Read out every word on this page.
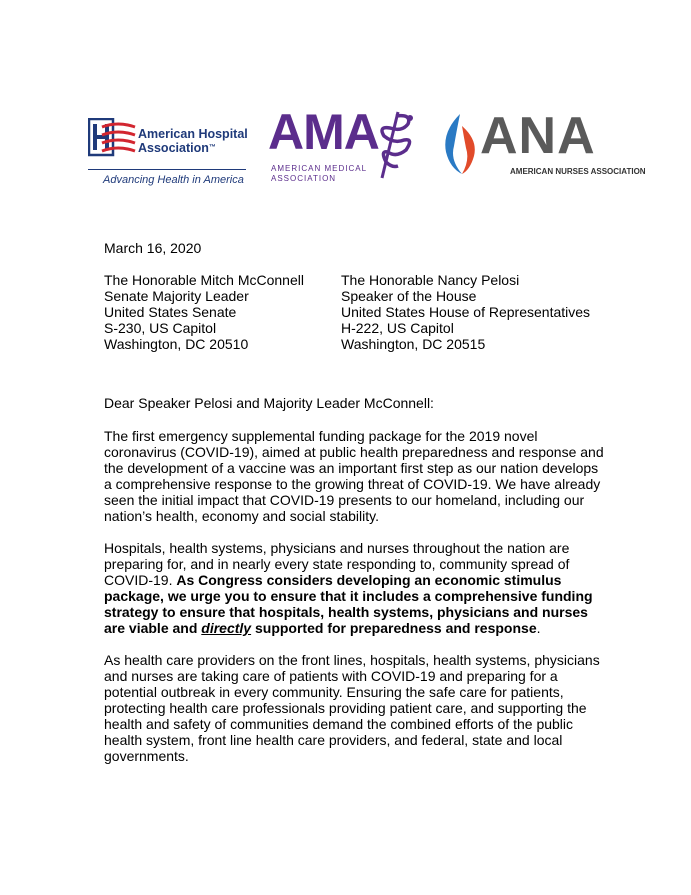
American Hospital
Association™
Advancing Health in America
AMA
AMERICAN MEDICAL
ASSOCIATION
ANA
AMERICAN NURSES ASSOCIATION
March 16, 2020
The Honorable Mitch McConnell
Senate Majority Leader
United States Senate
S-230, US Capitol
Washington, DC 20510
The Honorable Nancy Pelosi
Speaker of the House
United States House of Representatives
H-222, US Capitol
Washington, DC 20515

Dear Speaker Pelosi and Majority Leader McConnell:

The first emergency supplemental funding package for the 2019 novel coronavirus (COVID-19), aimed at public health preparedness and response and the development of a vaccine was an important first step as our nation develops a comprehensive response to the growing threat of COVID-19. We have already seen the initial impact that COVID-19 presents to our homeland, including our nation’s health, economy and social stability.

Hospitals, health systems, physicians and nurses throughout the nation are preparing for, and in nearly every state responding to, community spread of COVID-19. As Congress considers developing an economic stimulus package, we urge you to ensure that it includes a comprehensive funding strategy to ensure that hospitals, health systems, physicians and nurses are viable and directly supported for preparedness and response.

As health care providers on the front lines, hospitals, health systems, physicians and nurses are taking care of patients with COVID-19 and preparing for a potential outbreak in every community. Ensuring the safe care for patients, protecting health care professionals providing patient care, and supporting the health and safety of communities demand the combined efforts of the public health system, front line health care providers, and federal, state and local governments.
